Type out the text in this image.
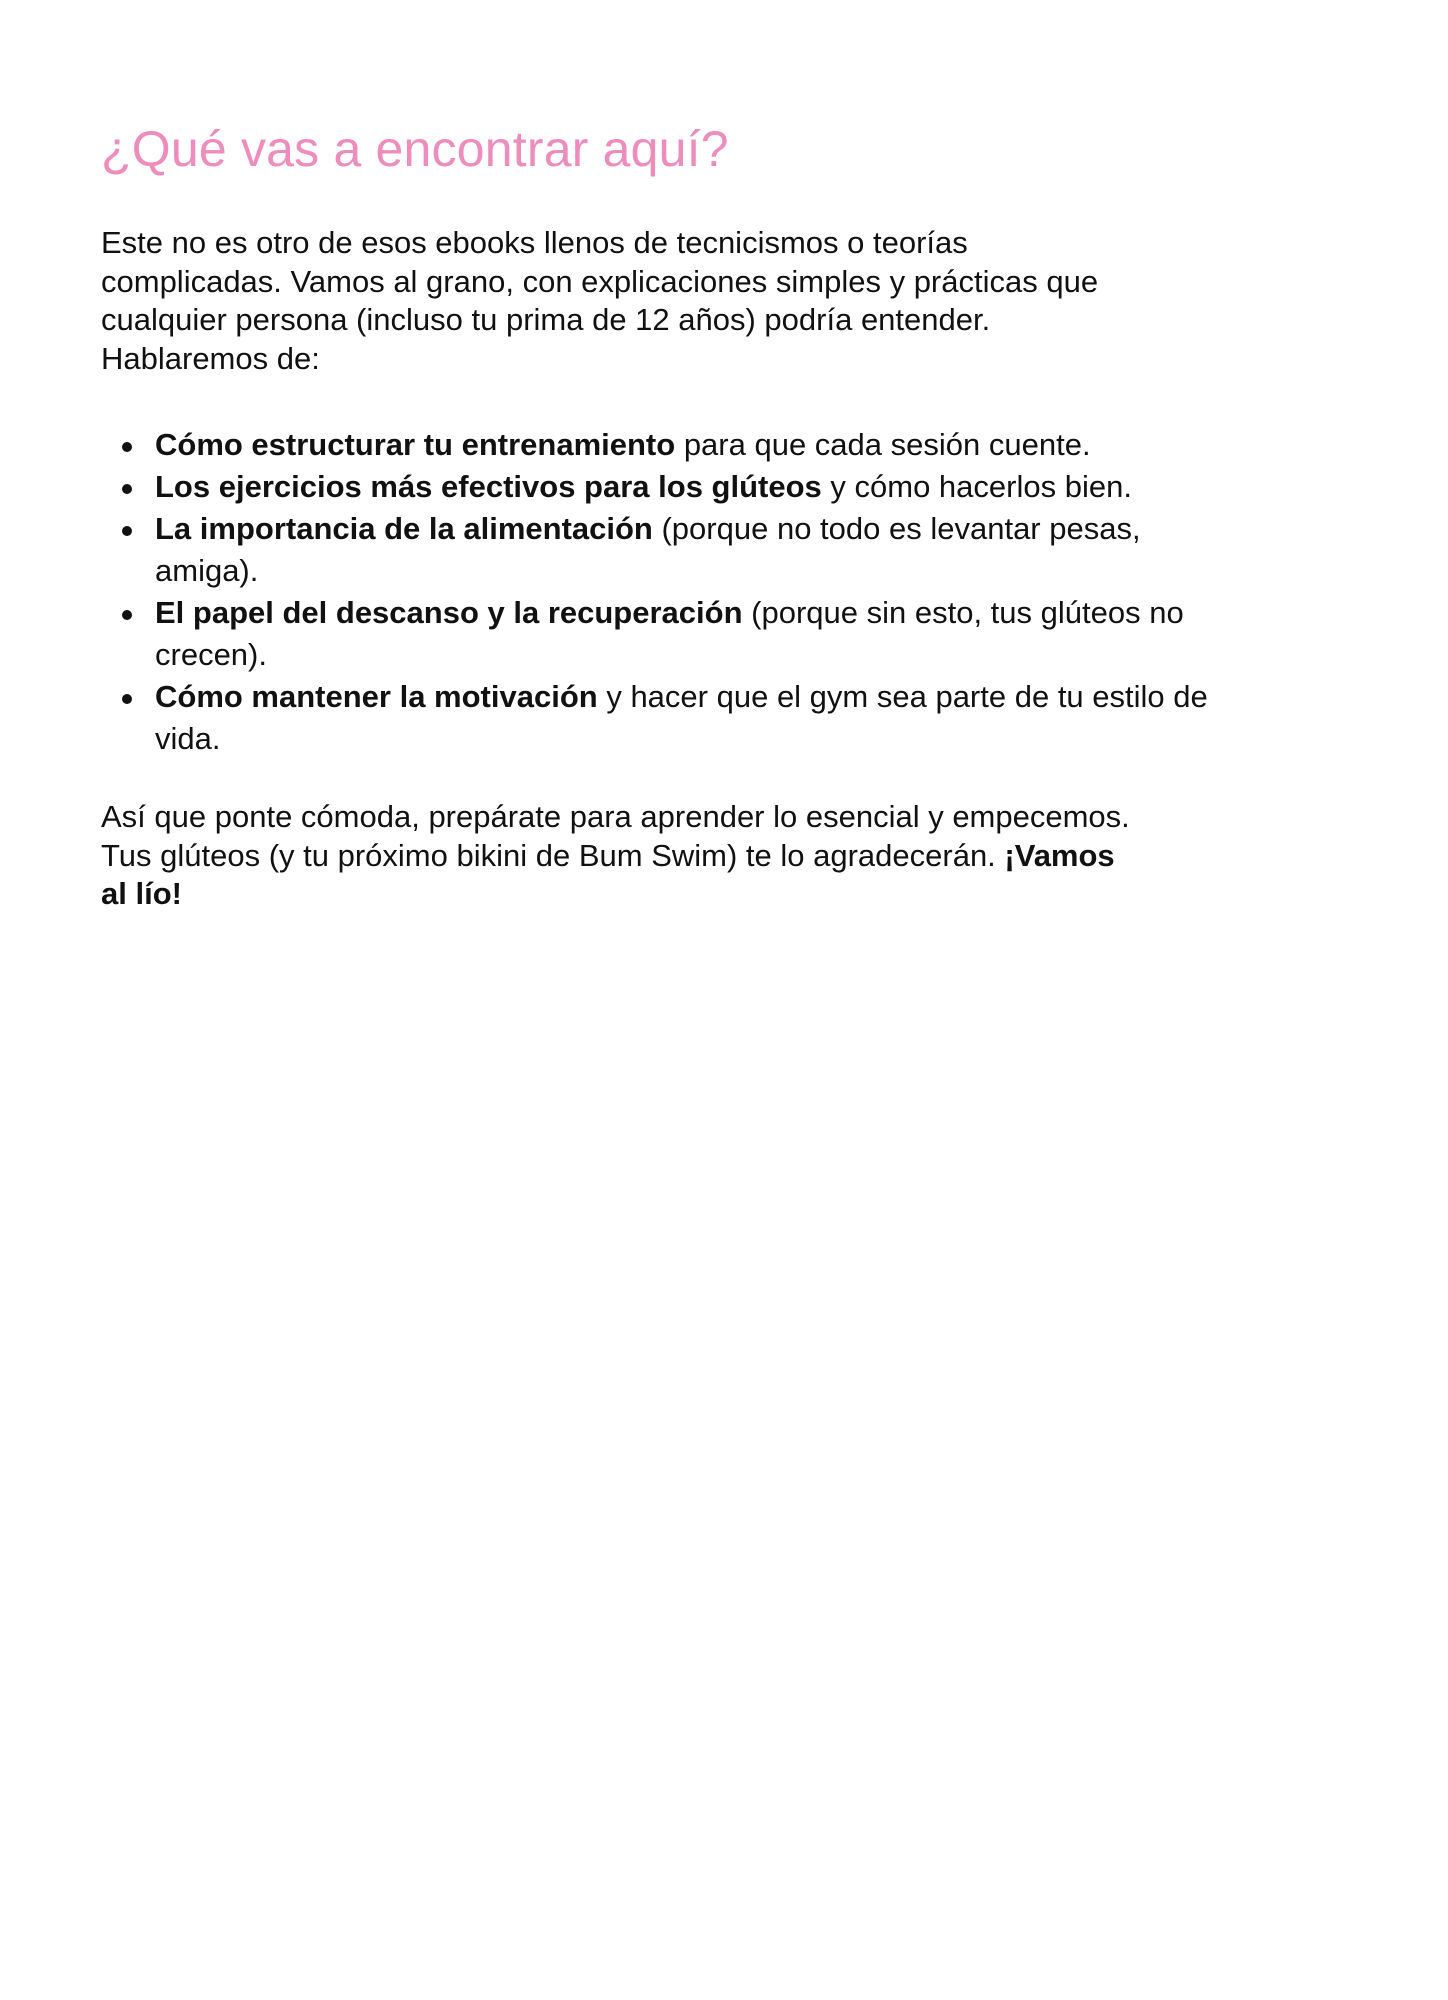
¿Qué vas a encontrar aquí?

Este no es otro de esos ebooks llenos de tecnicismos o teorías complicadas. Vamos al grano, con explicaciones simples y prácticas que cualquier persona (incluso tu prima de 12 años) podría entender. Hablaremos de:

Cómo estructurar tu entrenamiento para que cada sesión cuente.
Los ejercicios más efectivos para los glúteos y cómo hacerlos bien.
La importancia de la alimentación (porque no todo es levantar pesas, amiga).
El papel del descanso y la recuperación (porque sin esto, tus glúteos no crecen).
Cómo mantener la motivación y hacer que el gym sea parte de tu estilo de vida.

Así que ponte cómoda, prepárate para aprender lo esencial y empecemos. Tus glúteos (y tu próximo bikini de Bum Swim) te lo agradecerán. ¡Vamos al lío!
